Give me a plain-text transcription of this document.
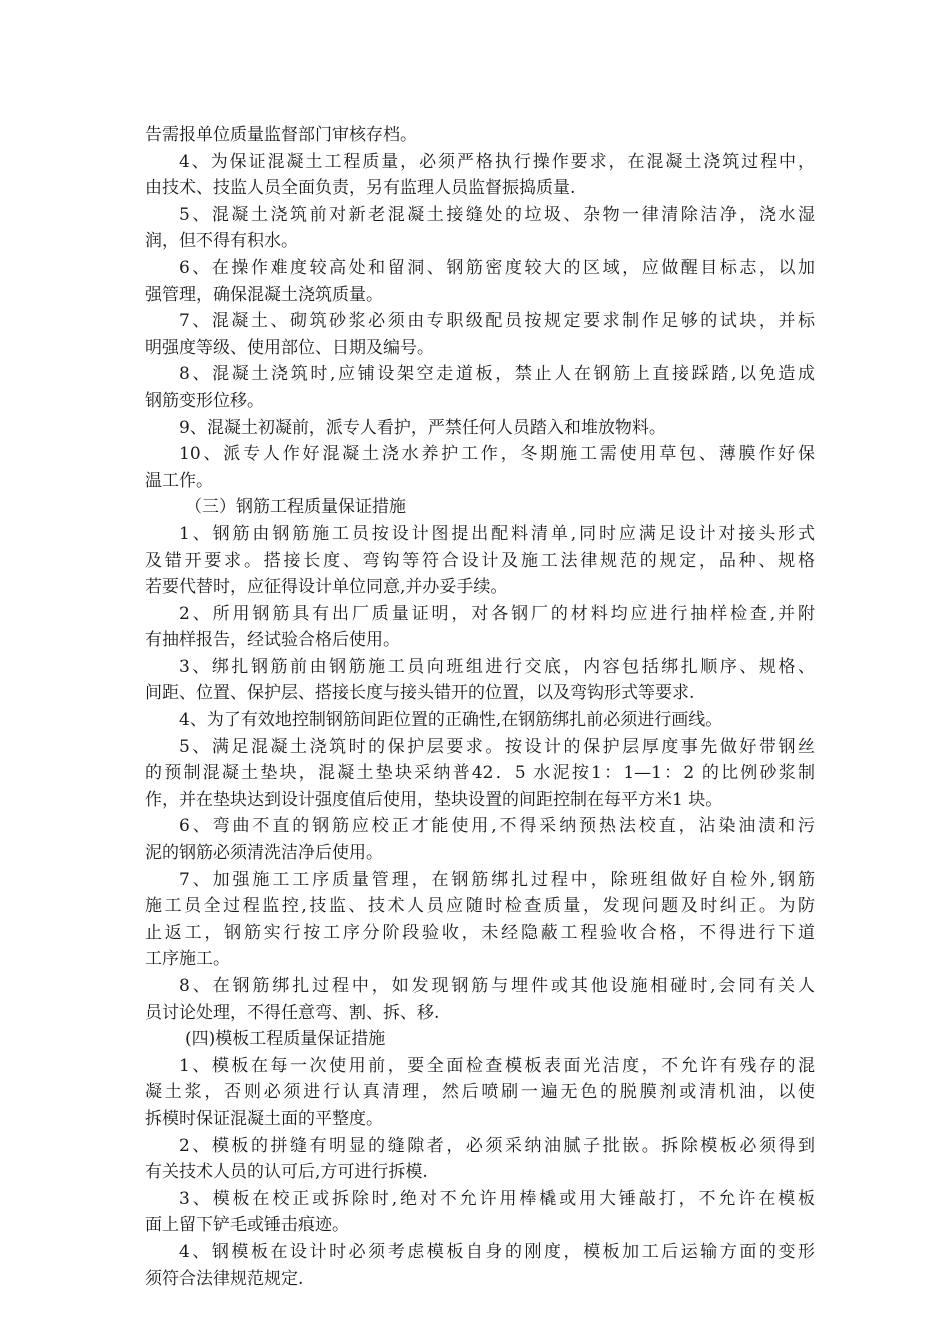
告需报单位质量监督部门审核存档。
4、为保证混凝土工程质量，必须严格执行操作要求，在混凝土浇筑过程中，
由技术、技监人员全面负责，另有监理人员监督振捣质量.
5、混凝土浇筑前对新老混凝土接缝处的垃圾、杂物一律清除洁净，浇水湿
润，但不得有积水。
6、在操作难度较高处和留洞、钢筋密度较大的区域，应做醒目标志，以加
强管理，确保混凝土浇筑质量。
7、混凝土、砌筑砂浆必须由专职级配员按规定要求制作足够的试块，并标
明强度等级、使用部位、日期及编号。
8、混凝土浇筑时,应铺设架空走道板，禁止人在钢筋上直接踩踏,以免造成
钢筋变形位移。
9、混凝土初凝前，派专人看护，严禁任何人员踏入和堆放物料。
10、派专人作好混凝土浇水养护工作，冬期施工需使用草包、薄膜作好保
温工作。
（三）钢筋工程质量保证措施
1、钢筋由钢筋施工员按设计图提出配料清单,同时应满足设计对接头形式
及错开要求。搭接长度、弯钩等符合设计及施工法律规范的规定，品种、规格
若要代替时，应征得设计单位同意,并办妥手续。
2、所用钢筋具有出厂质量证明，对各钢厂的材料均应进行抽样检查,并附
有抽样报告，经试验合格后使用。
3、绑扎钢筋前由钢筋施工员向班组进行交底，内容包括绑扎顺序、规格、
间距、位置、保护层、搭接长度与接头错开的位置，以及弯钩形式等要求.
4、为了有效地控制钢筋间距位置的正确性,在钢筋绑扎前必须进行画线。
5、满足混凝土浇筑时的保护层要求。按设计的保护层厚度事先做好带钢丝
的预制混凝土垫块，混凝土垫块采纳普42．5 水泥按1：1—1：2 的比例砂浆制
作，并在垫块达到设计强度值后使用，垫块设置的间距控制在每平方米1 块。
6、弯曲不直的钢筋应校正才能使用,不得采纳预热法校直，沾染油渍和污
泥的钢筋必须清洗洁净后使用。
7、加强施工工序质量管理，在钢筋绑扎过程中，除班组做好自检外,钢筋
施工员全过程监控,技监、技术人员应随时检查质量，发现问题及时纠正。为防
止返工，钢筋实行按工序分阶段验收，未经隐蔽工程验收合格，不得进行下道
工序施工。
8、在钢筋绑扎过程中，如发现钢筋与埋件或其他设施相碰时,会同有关人
员讨论处理，不得任意弯、割、拆、移.
(四)模板工程质量保证措施
1、模板在每一次使用前，要全面检查模板表面光洁度，不允许有残存的混
凝土浆，否则必须进行认真清理，然后喷刷一遍无色的脱膜剂或清机油，以使
拆模时保证混凝土面的平整度。
2、模板的拼缝有明显的缝隙者，必须采纳油腻子批嵌。拆除模板必须得到
有关技术人员的认可后,方可进行拆模.
3、模板在校正或拆除时,绝对不允许用棒橇或用大锤敲打，不允许在模板
面上留下铲毛或锤击痕迹。
4、钢模板在设计时必须考虑模板自身的刚度，模板加工后运输方面的变形
须符合法律规范规定.
